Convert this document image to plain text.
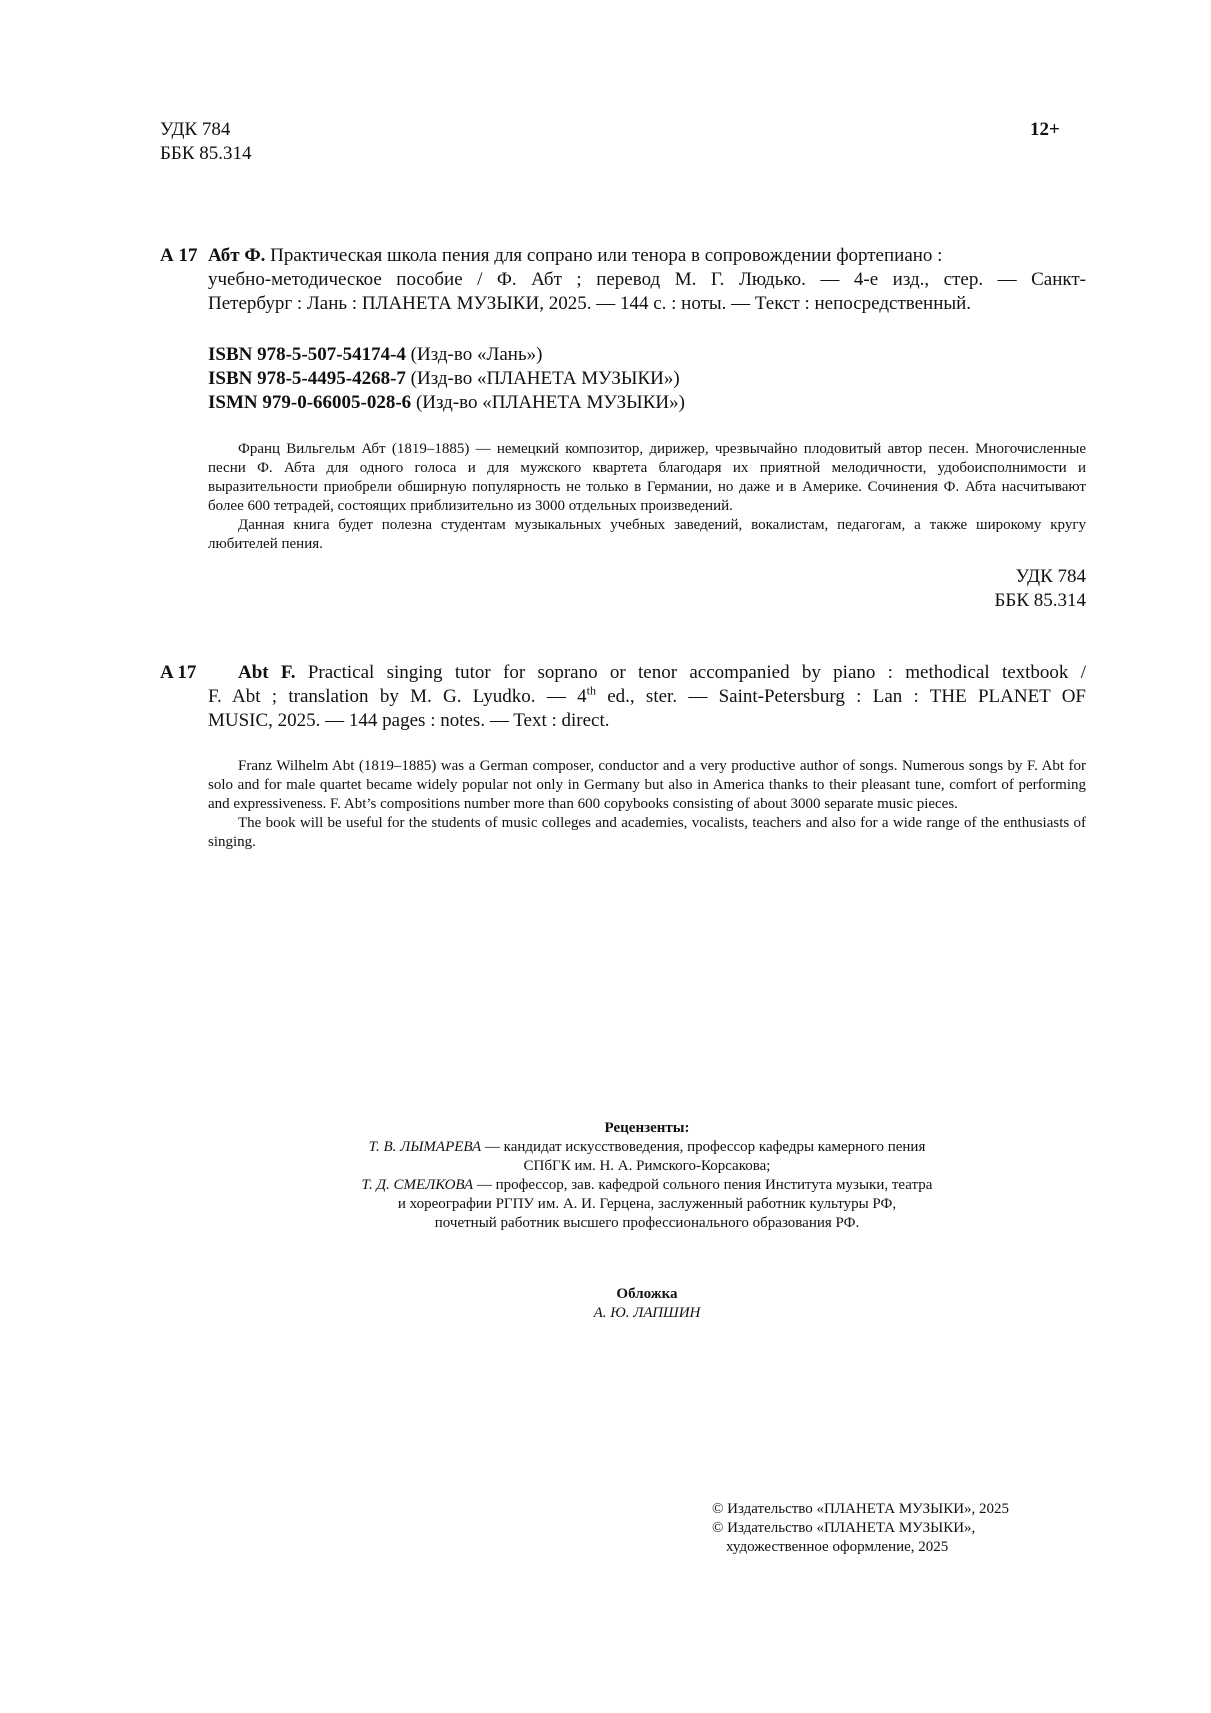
УДК 784
ББК 85.314
12+
А 17 Абт Ф. Практическая школа пения для сопрано или тенора в сопровождении фортепиано :

учебно-методическое пособие / Ф. Абт ; перевод М. Г. Людько. — 4-е изд., стер. — Санкт-
Петербург : Лань : ПЛАНЕТА МУЗЫКИ, 2025. — 144 с. : ноты. — Текст : непосредственный.
ISBN 978-5-507-54174-4 (Изд-во «Лань»)
ISBN 978-5-4495-4268-7 (Изд-во «ПЛАНЕТА МУЗЫКИ»)
ISMN 979-0-66005-028-6 (Изд-во «ПЛАНЕТА МУЗЫКИ»)

Франц Вильгельм Абт (1819–1885) — немецкий композитор, дирижер, чрезвычайно плодовитый автор песен. Многочисленные песни Ф. Абта для одного голоса и для мужского квартета благодаря их приятной мелодичности, удобоисполнимости и выразительности приобрели обширную популярность не только в Германии, но даже и в Америке. Сочинения Ф. Абта насчитывают более 600 тетрадей, состоящих приблизительно из 3000 отдельных произведений.

Данная книга будет полезна студентам музыкальных учебных заведений, вокалистам, педагогам, а также широкому кругу любителей пения.

УДК 784
ББК 85.314
A 17 Abt F. Practical singing tutor for soprano or tenor accompanied by piano : methodical textbook /

F. Abt ; translation by M. G. Lyudko. — 4th ed., ster. — Saint-Petersburg : Lan : THE PLANET OF
MUSIC, 2025. — 144 pages : notes. — Text : direct.

Franz Wilhelm Abt (1819–1885) was a German composer, conductor and a very productive author of songs. Numerous songs by F. Abt for solo and for male quartet became widely popular not only in Germany but also in America thanks to their pleasant tune, comfort of performing and expressiveness. F. Abt’s compositions number more than 600 copybooks consisting of about 3000 separate music pieces.

The book will be useful for the students of music colleges and academies, vocalists, teachers and also for a wide range of the enthusiasts of singing.

Рецензенты:

Т. В. ЛЫМАРЕВА — кандидат искусствоведения, профессор кафедры камерного пения

СПбГК им. Н. А. Римского-Корсакова;

Т. Д. СМЕЛКОВА — профессор, зав. кафедрой сольного пения Института музыки, театра

и хореографии РГПУ им. А. И. Герцена, заслуженный работник культуры РФ,

почетный работник высшего профессионального образования РФ.

Обложка

А. Ю. ЛАПШИН

© Издательство «ПЛАНЕТА МУЗЫКИ», 2025

© Издательство «ПЛАНЕТА МУЗЫКИ»,

художественное оформление, 2025
